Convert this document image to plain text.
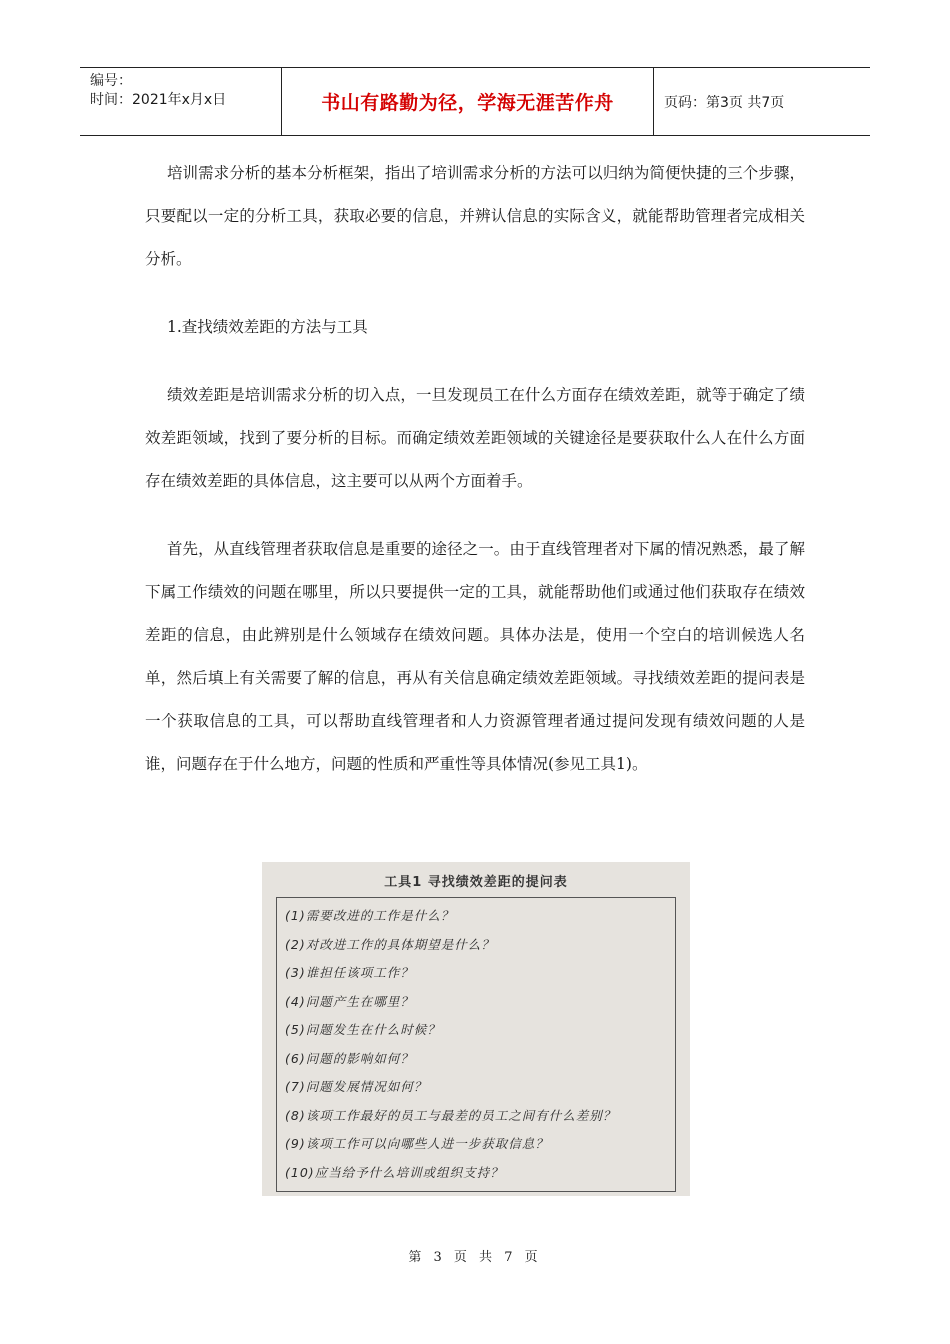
编号：
时间：2021年x月x日	书山有路勤为径，学海无涯苦作舟	页码：第3页 共7页

培训需求分析的基本分析框架，指出了培训需求分析的方法可以归纳为简便快捷的三个步骤，只要配以一定的分析工具，获取必要的信息，并辨认信息的实际含义，就能帮助管理者完成相关分析。

1.查找绩效差距的方法与工具

绩效差距是培训需求分析的切入点，一旦发现员工在什么方面存在绩效差距，就等于确定了绩效差距领域，找到了要分析的目标。而确定绩效差距领域的关键途径是要获取什么人在什么方面存在绩效差距的具体信息，这主要可以从两个方面着手。

首先，从直线管理者获取信息是重要的途径之一。由于直线管理者对下属的情况熟悉，最了解下属工作绩效的问题在哪里，所以只要提供一定的工具，就能帮助他们或通过他们获取存在绩效差距的信息，由此辨别是什么领域存在绩效问题。具体办法是，使用一个空白的培训候选人名单，然后填上有关需要了解的信息，再从有关信息确定绩效差距领域。寻找绩效差距的提问表是一个获取信息的工具，可以帮助直线管理者和人力资源管理者通过提问发现有绩效问题的人是谁，问题存在于什么地方，问题的性质和严重性等具体情况(参见工具1)。

工具1 寻找绩效差距的提问表
(1)需要改进的工作是什么？
(2)对改进工作的具体期望是什么？
(3)谁担任该项工作？
(4)问题产生在哪里？
(5)问题发生在什么时候？
(6)问题的影响如何？
(7)问题发展情况如何？
(8)该项工作最好的员工与最差的员工之间有什么差别？
(9)该项工作可以向哪些人进一步获取信息？
(10)应当给予什么培训或组织支持？
第 3 页 共 7 页
